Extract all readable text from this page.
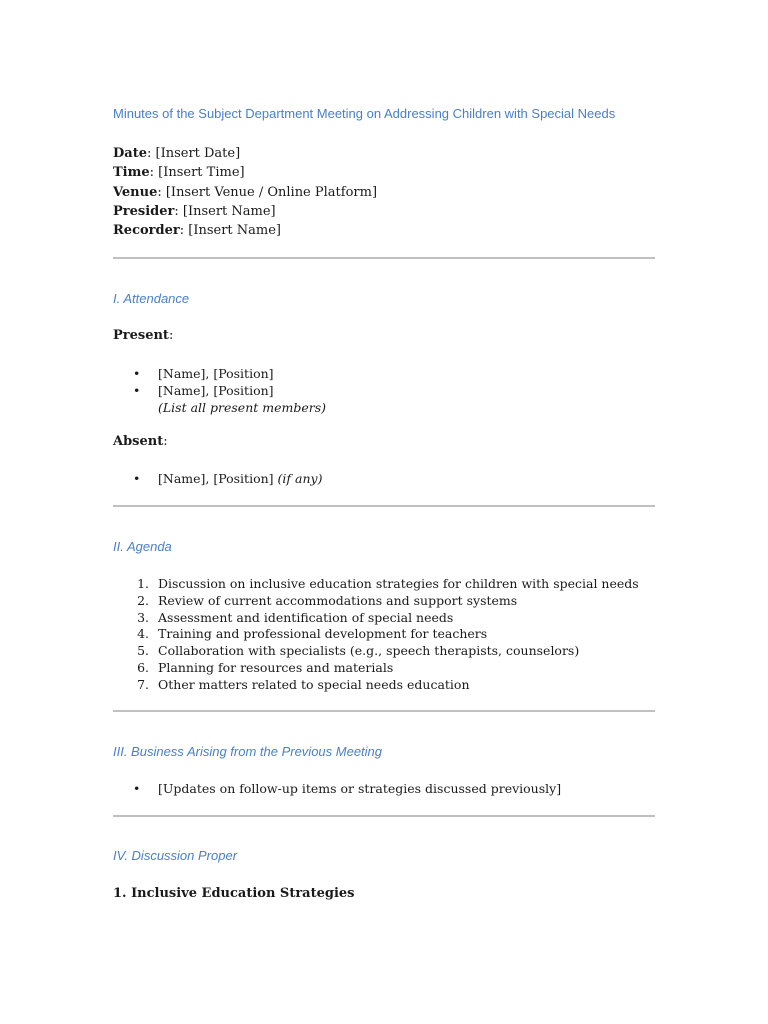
Minutes of the Subject Department Meeting on Addressing Children with Special Needs
Date: [Insert Date]
Time: [Insert Time]
Venue: [Insert Venue / Online Platform]
Presider: [Insert Name]
Recorder: [Insert Name]
I. Attendance
Present:
• [Name], [Position]
• [Name], [Position]
(List all present members)
Absent:
• [Name], [Position] (if any)
II. Agenda
1. Discussion on inclusive education strategies for children with special needs
2. Review of current accommodations and support systems
3. Assessment and identification of special needs
4. Training and professional development for teachers
5. Collaboration with specialists (e.g., speech therapists, counselors)
6. Planning for resources and materials
7. Other matters related to special needs education
III. Business Arising from the Previous Meeting
• [Updates on follow-up items or strategies discussed previously]
IV. Discussion Proper
1. Inclusive Education Strategies
